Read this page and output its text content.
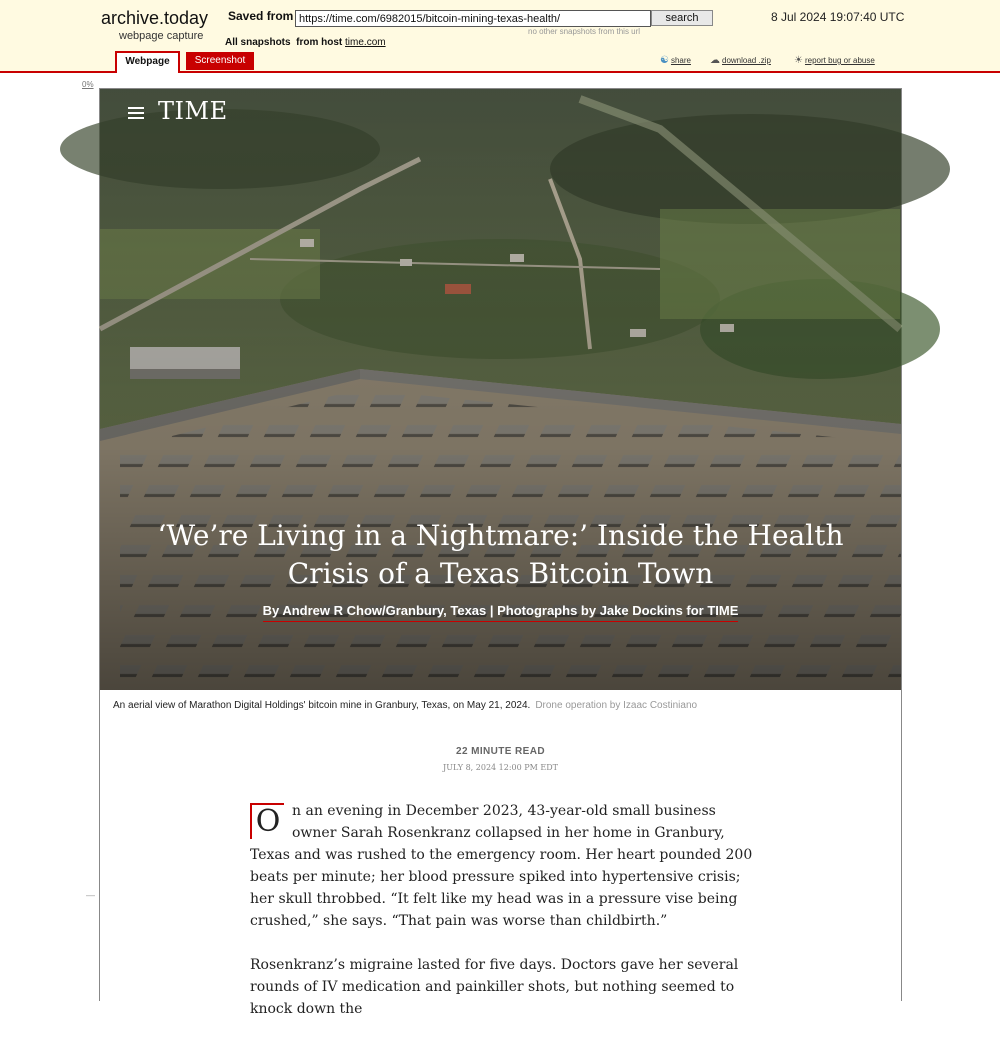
archive.today
webpage capture
Saved from
https://time.com/6982015/bitcoin-mining-texas-health/	search
no other snapshots from this url
8 Jul 2024 19:07:40 UTC
All snapshots from host time.com
Webpage	Screenshot	☯ share ☁ download .zip ☀ report bug or abuse
0%
—
TIME
‘We’re Living in a Nightmare:’ Inside the Health Crisis of a Texas Bitcoin Town
By Andrew R Chow/Granbury, Texas | Photographs by Jake Dockins for TIME
An aerial view of Marathon Digital Holdings' bitcoin mine in Granbury, Texas, on May 21, 2024. Drone operation by Izaac Costiniano
22 MINUTE READ
JULY 8, 2024 12:00 PM EDT

O n an evening in December 2023, 43-year-old small business owner Sarah Rosenkranz collapsed in her home in Granbury, Texas and was rushed to the emergency room. Her heart pounded 200 beats per minute; her blood pressure spiked into hypertensive crisis; her skull throbbed. “It felt like my head was in a pressure vise being crushed,” she says. “That pain was worse than childbirth.”

Rosenkranz’s migraine lasted for five days. Doctors gave her several rounds of IV medication and painkiller shots, but nothing seemed to knock down the
